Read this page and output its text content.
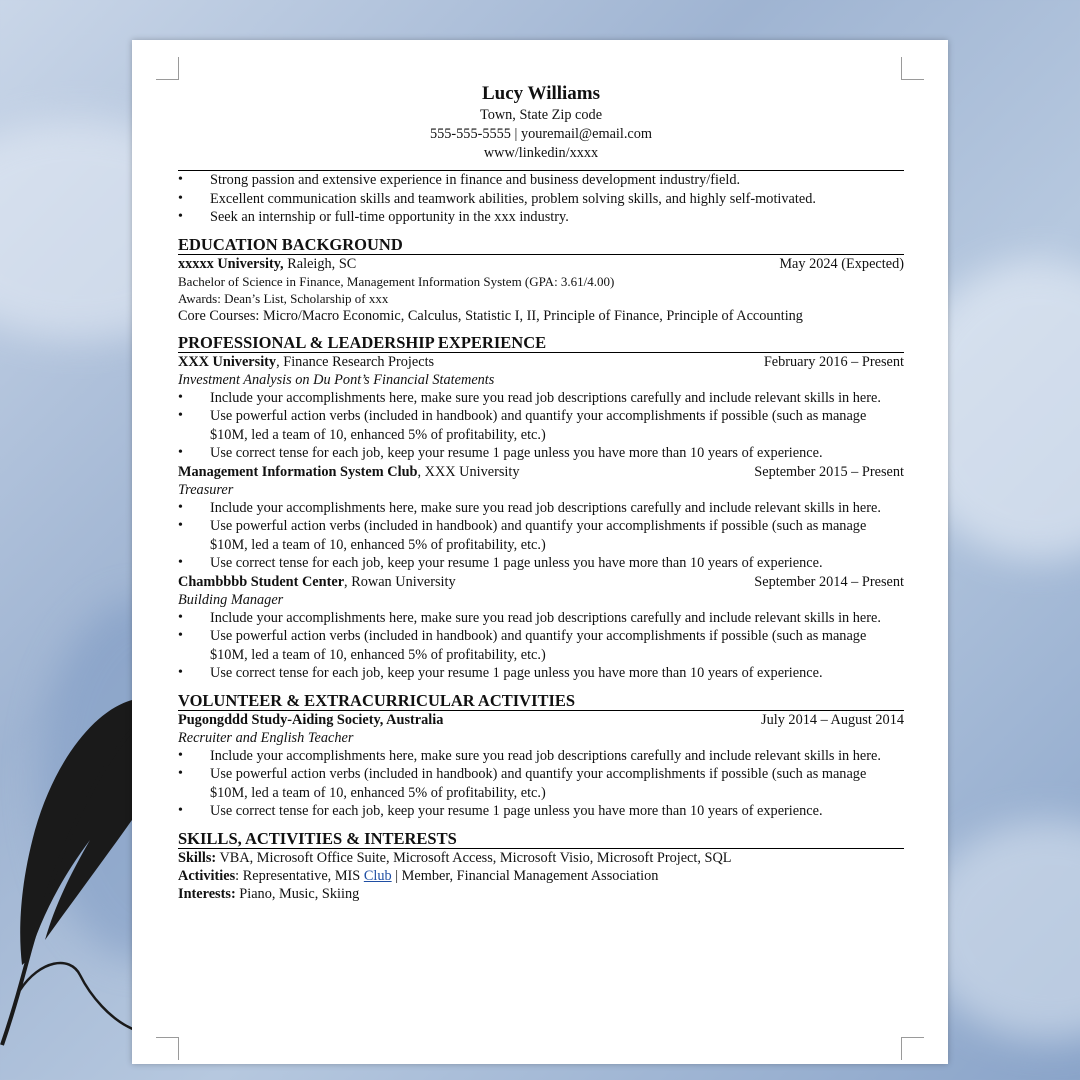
Lucy Williams
Town, State Zip code
555-555-5555 | youremail@email.com
www/linkedin/xxxx
• Strong passion and extensive experience in finance and business development industry/field.
• Excellent communication skills and teamwork abilities, problem solving skills, and highly self-motivated.
• Seek an internship or full-time opportunity in the xxx industry.
EDUCATION BACKGROUND
xxxxx University, Raleigh, SC	May 2024 (Expected)
Bachelor of Science in Finance, Management Information System (GPA: 3.61/4.00)
Awards: Dean’s List, Scholarship of xxx
Core Courses: Micro/Macro Economic, Calculus, Statistic I, II, Principle of Finance, Principle of Accounting
PROFESSIONAL & LEADERSHIP EXPERIENCE
XXX University, Finance Research Projects	February 2016 – Present
Investment Analysis on Du Pont’s Financial Statements
• Include your accomplishments here, make sure you read job descriptions carefully and include relevant skills in here.
• Use powerful action verbs (included in handbook) and quantify your accomplishments if possible (such as manage $10M, led a team of 10, enhanced 5% of profitability, etc.)
• Use correct tense for each job, keep your resume 1 page unless you have more than 10 years of experience.
Management Information System Club, XXX University	September 2015 – Present
Treasurer
• Include your accomplishments here, make sure you read job descriptions carefully and include relevant skills in here.
• Use powerful action verbs (included in handbook) and quantify your accomplishments if possible (such as manage $10M, led a team of 10, enhanced 5% of profitability, etc.)
• Use correct tense for each job, keep your resume 1 page unless you have more than 10 years of experience.
Chambbbb Student Center, Rowan University	September 2014 – Present
Building Manager
• Include your accomplishments here, make sure you read job descriptions carefully and include relevant skills in here.
• Use powerful action verbs (included in handbook) and quantify your accomplishments if possible (such as manage $10M, led a team of 10, enhanced 5% of profitability, etc.)
• Use correct tense for each job, keep your resume 1 page unless you have more than 10 years of experience.
VOLUNTEER & EXTRACURRICULAR ACTIVITIES
Pugongddd Study-Aiding Society, Australia	July 2014 – August 2014
Recruiter and English Teacher
• Include your accomplishments here, make sure you read job descriptions carefully and include relevant skills in here.
• Use powerful action verbs (included in handbook) and quantify your accomplishments if possible (such as manage $10M, led a team of 10, enhanced 5% of profitability, etc.)
• Use correct tense for each job, keep your resume 1 page unless you have more than 10 years of experience.
SKILLS, ACTIVITIES & INTERESTS
Skills: VBA, Microsoft Office Suite, Microsoft Access, Microsoft Visio, Microsoft Project, SQL
Activities: Representative, MIS Club | Member, Financial Management Association
Interests: Piano, Music, Skiing
